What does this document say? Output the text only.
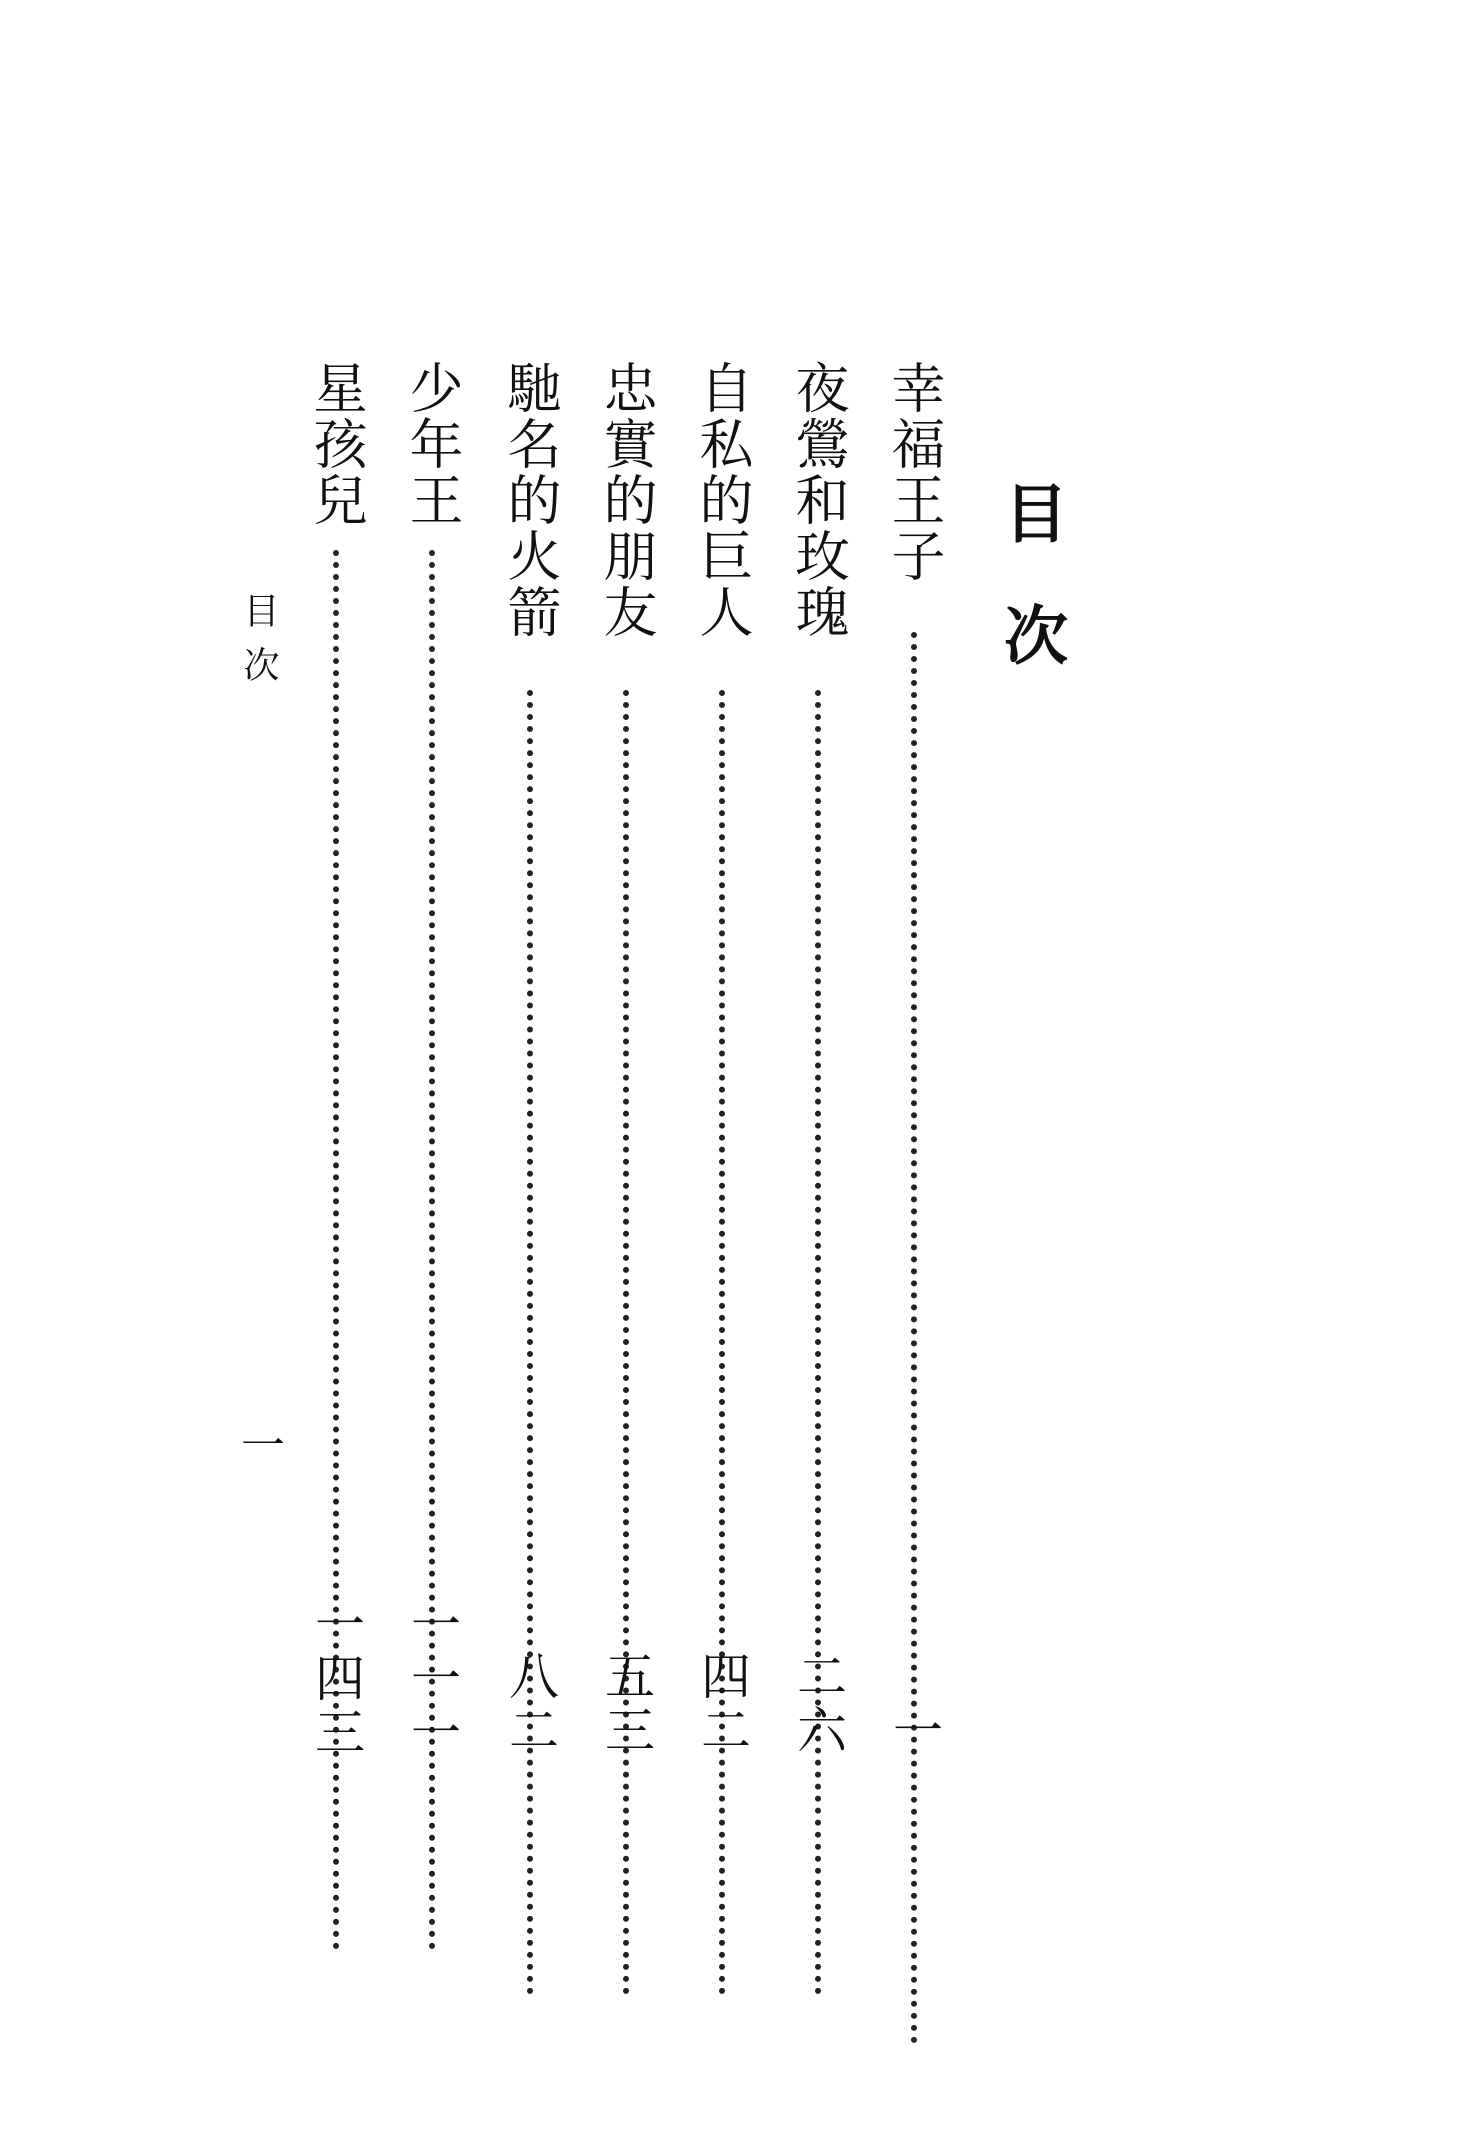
目次
幸福王子
夜鶯和玫瑰
自私的巨人
忠實的朋友
馳名的火箭
少年王
星孩兒
一
二六
四二
五三
八二
一一一
一四三
目次
一
